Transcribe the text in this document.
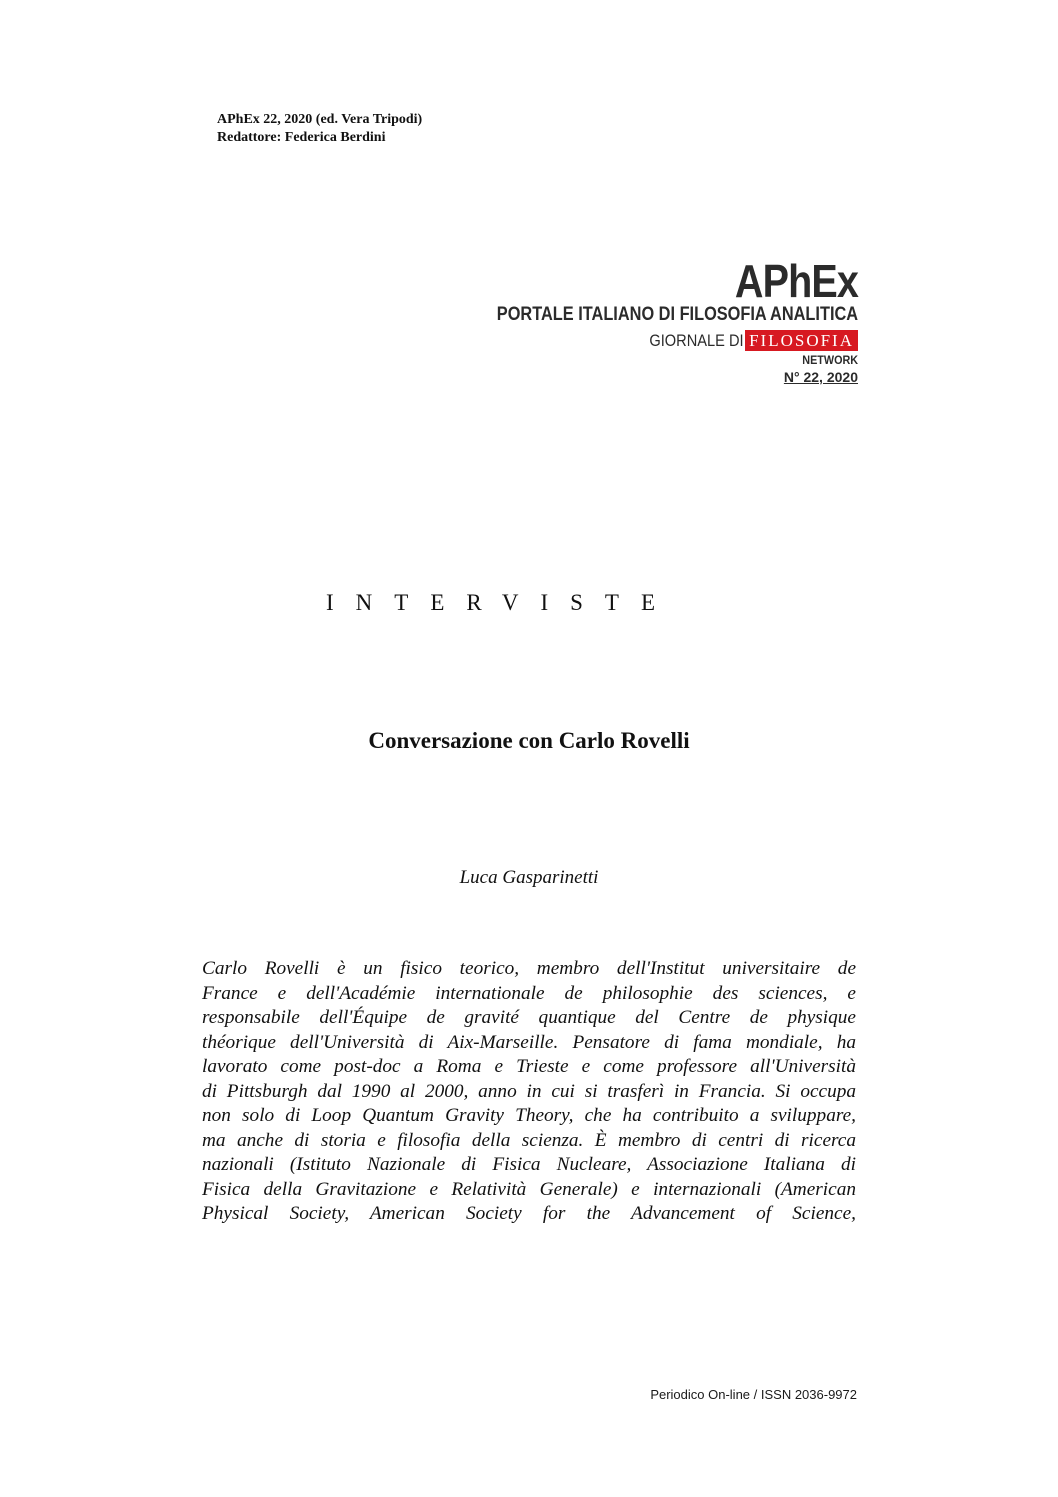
APhEx 22, 2020 (ed. Vera Tripodi)
Redattore: Federica Berdini
APhEx
PORTALE ITALIANO DI FILOSOFIA ANALITICA
GIORNALE DI FILOSOFIA
NETWORK
N° 22, 2020
INTERVISTE
Conversazione con Carlo Rovelli
Luca Gasparinetti
Carlo Rovelli è un fisico teorico, membro dell'Institut universitaire de
France e dell'Académie internationale de philosophie des sciences, e
responsabile dell'Équipe de gravité quantique del Centre de physique
théorique dell'Università di Aix-Marseille. Pensatore di fama mondiale, ha
lavorato come post-doc a Roma e Trieste e come professore all'Università
di Pittsburgh dal 1990 al 2000, anno in cui si trasferì in Francia. Si occupa
non solo di Loop Quantum Gravity Theory, che ha contribuito a sviluppare,
ma anche di storia e filosofia della scienza. È membro di centri di ricerca
nazionali (Istituto Nazionale di Fisica Nucleare, Associazione Italiana di
Fisica della Gravitazione e Relatività Generale) e internazionali (American
Physical Society, American Society for the Advancement of Science,
Periodico On-line / ISSN 2036-9972
